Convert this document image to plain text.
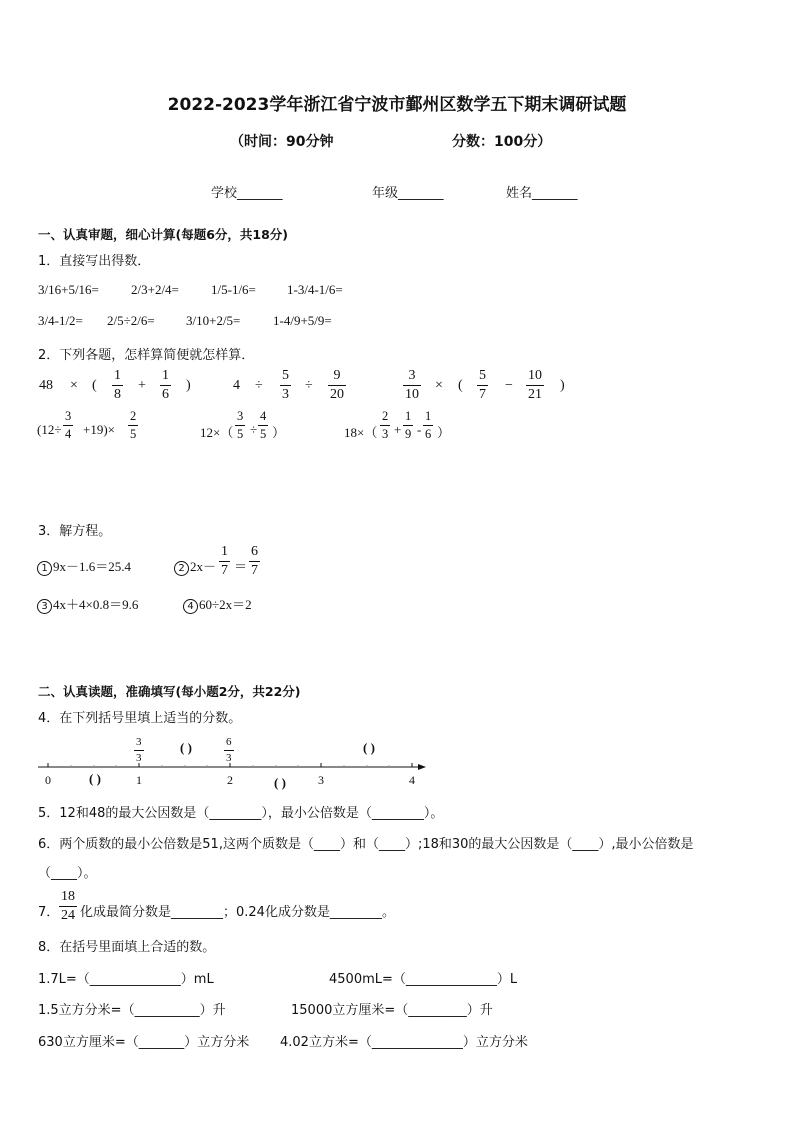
2022-2023学年浙江省宁波市鄞州区数学五下期末调研试题
（时间：90分钟	分数：100分）
学校_______	年级_______	姓名_______
一、认真审题，细心计算(每题6分，共18分)
1．直接写出得数．
3/16+5/16= 2/3+2/4= 1/5-1/6= 1-3/4-1/6=
3/4-1/2= 2/5÷2/6= 3/10+2/5=	1-4/9+5/9=
2．下列各题，怎样算简便就怎样算．
48 × (
1
8
+
1
6
)	4 ÷
5
3
÷
9
20
3
10
× (
5
7
−
10
21
)
(12÷
3
4 +19)×
2
5	12×（
3
5 ÷
4
5 ）	18×（
2
3 +
1
9 -
1
6 ）
3．解方程。
1 9x－1.6＝25.4	2 2x－
1
7 ＝
6
7
3 4x＋4×0.8＝9.6	4 60÷2x＝2
二、认真读题，准确填写(每小题2分，共22分)
4．在下列括号里填上适当的分数。
0	1	2	3	4
3
3
6
3
( )	( )
( )	( )
5．12和48的最大公因数是（________），最小公倍数是（________）。
6．两个质数的最小公倍数是51,这两个质数是（____）和（____）;18和30的最大公因数是（____）,最小公倍数是
（____）。
7．
18
24 化成最简分数是________；0.24化成分数是________。
8．在括号里面填上合适的数。
1.7L=（______________）mL	4500mL=（______________）L
1.5立方分米=（__________）升	15000立方厘米=（_________）升
630立方厘米=（_______）立方分米 4.02立方米=（______________）立方分米
